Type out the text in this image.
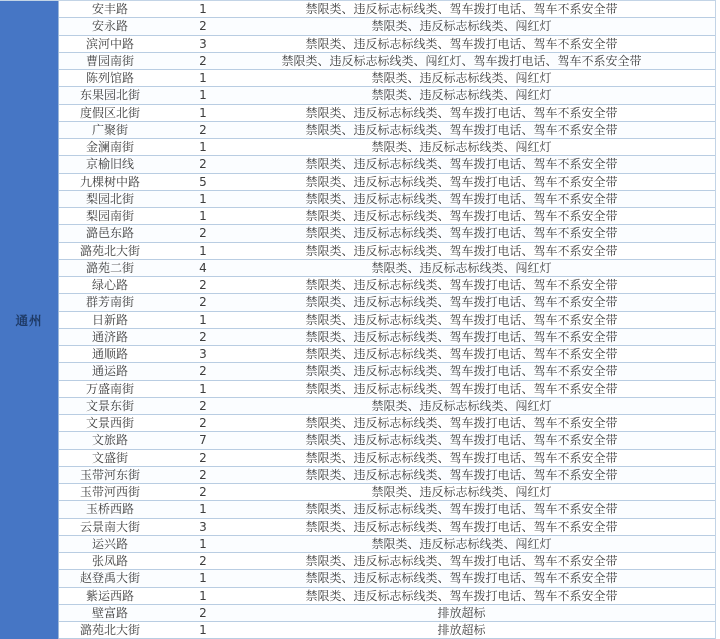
通州
安丰路	1	禁限类、违反标志标线类、驾车拨打电话、驾车不系安全带
安永路	2	禁限类、违反标志标线类、闯红灯
滨河中路	3	禁限类、违反标志标线类、驾车拨打电话、驾车不系安全带
曹园南街	2	禁限类、违反标志标线类、闯红灯、驾车拨打电话、驾车不系安全带
陈列馆路	1	禁限类、违反标志标线类、闯红灯
东果园北街	1	禁限类、违反标志标线类、闯红灯
度假区北街	1	禁限类、违反标志标线类、驾车拨打电话、驾车不系安全带
广聚街	2	禁限类、违反标志标线类、驾车拨打电话、驾车不系安全带
金澜南街	1	禁限类、违反标志标线类、闯红灯
京榆旧线	2	禁限类、违反标志标线类、驾车拨打电话、驾车不系安全带
九棵树中路	5	禁限类、违反标志标线类、驾车拨打电话、驾车不系安全带
梨园北街	1	禁限类、违反标志标线类、驾车拨打电话、驾车不系安全带
梨园南街	1	禁限类、违反标志标线类、驾车拨打电话、驾车不系安全带
潞邑东路	2	禁限类、违反标志标线类、驾车拨打电话、驾车不系安全带
潞苑北大街	1	禁限类、违反标志标线类、驾车拨打电话、驾车不系安全带
潞苑二街	4	禁限类、违反标志标线类、闯红灯
绿心路	2	禁限类、违反标志标线类、驾车拨打电话、驾车不系安全带
群芳南街	2	禁限类、违反标志标线类、驾车拨打电话、驾车不系安全带
日新路	1	禁限类、违反标志标线类、驾车拨打电话、驾车不系安全带
通济路	2	禁限类、违反标志标线类、驾车拨打电话、驾车不系安全带
通顺路	3	禁限类、违反标志标线类、驾车拨打电话、驾车不系安全带
通运路	2	禁限类、违反标志标线类、驾车拨打电话、驾车不系安全带
万盛南街	1	禁限类、违反标志标线类、驾车拨打电话、驾车不系安全带
文景东街	2	禁限类、违反标志标线类、闯红灯
文景西街	2	禁限类、违反标志标线类、驾车拨打电话、驾车不系安全带
文旅路	7	禁限类、违反标志标线类、驾车拨打电话、驾车不系安全带
文盛街	2	禁限类、违反标志标线类、驾车拨打电话、驾车不系安全带
玉带河东街	2	禁限类、违反标志标线类、驾车拨打电话、驾车不系安全带
玉带河西街	2	禁限类、违反标志标线类、闯红灯
玉桥西路	1	禁限类、违反标志标线类、驾车拨打电话、驾车不系安全带
云景南大街	3	禁限类、违反标志标线类、驾车拨打电话、驾车不系安全带
运兴路	1	禁限类、违反标志标线类、闯红灯
张凤路	2	禁限类、违反标志标线类、驾车拨打电话、驾车不系安全带
赵登禹大街	1	禁限类、违反标志标线类、驾车拨打电话、驾车不系安全带
紫运西路	1	禁限类、违反标志标线类、驾车拨打电话、驾车不系安全带
壁富路	2	排放超标
潞苑北大街	1	排放超标
